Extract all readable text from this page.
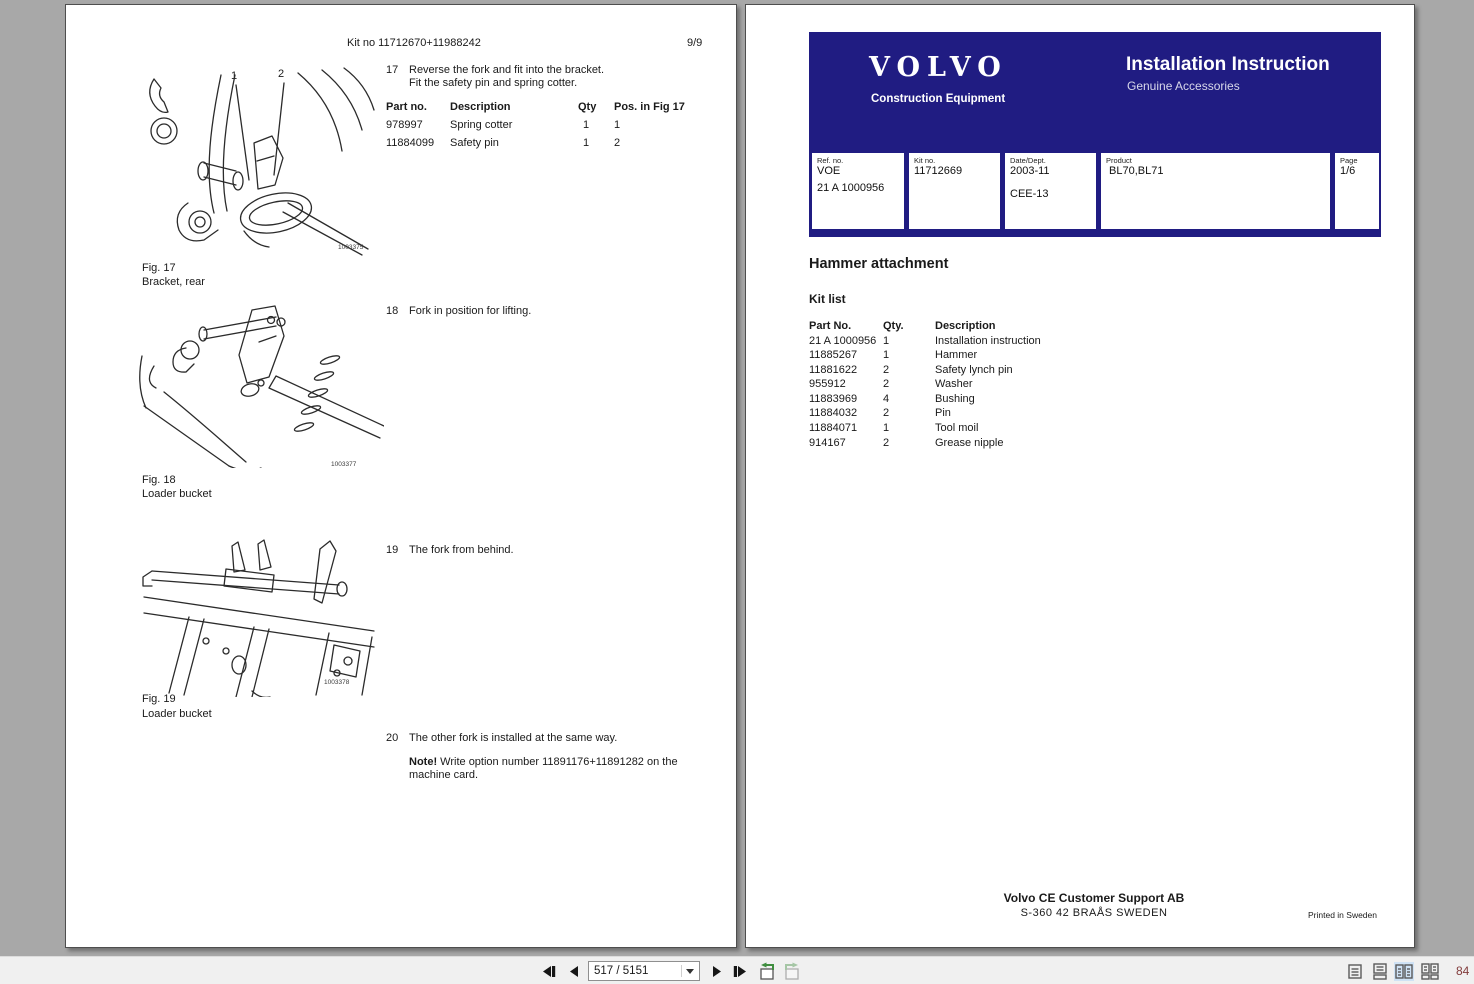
Kit no 11712670+11988242	9/9
17 Reverse the fork and fit into the bracket.
Fit the safety pin and spring cotter.
Part no. Description	Qty Pos. in Fig 17
978997 Spring cotter	1 1
11884099 Safety pin	1 2
1	2
1003375
Fig. 17
Bracket, rear
18 Fork in position for lifting.
1003377
Fig. 18
Loader bucket
19 The fork from behind.
1003378
Fig. 19
Loader bucket
20 The other fork is installed at the same way.
Note! Write option number 11891176+11891282 on the machine card.
VOLVO
Construction Equipment
Installation Instruction
Genuine Accessories
Ref. no.
VOE
21 A 1000956
Kit no.
11712669
Date/Dept.
2003-11
CEE-13
Product
BL70,BL71
Page
1/6
Hammer attachment
Kit list
Part No.	Qty.	Description
21 A 1000956 1	Installation instruction
11885267 1	Hammer
11881622 2	Safety lynch pin
955912	2	Washer
11883969 4	Bushing
11884032 2	Pin
11884071 1	Tool moil
914167	2	Grease nipple
Volvo CE Customer Support AB
S-360 42 BRAÅS SWEDEN	Printed in Sweden
517 / 5151	84
